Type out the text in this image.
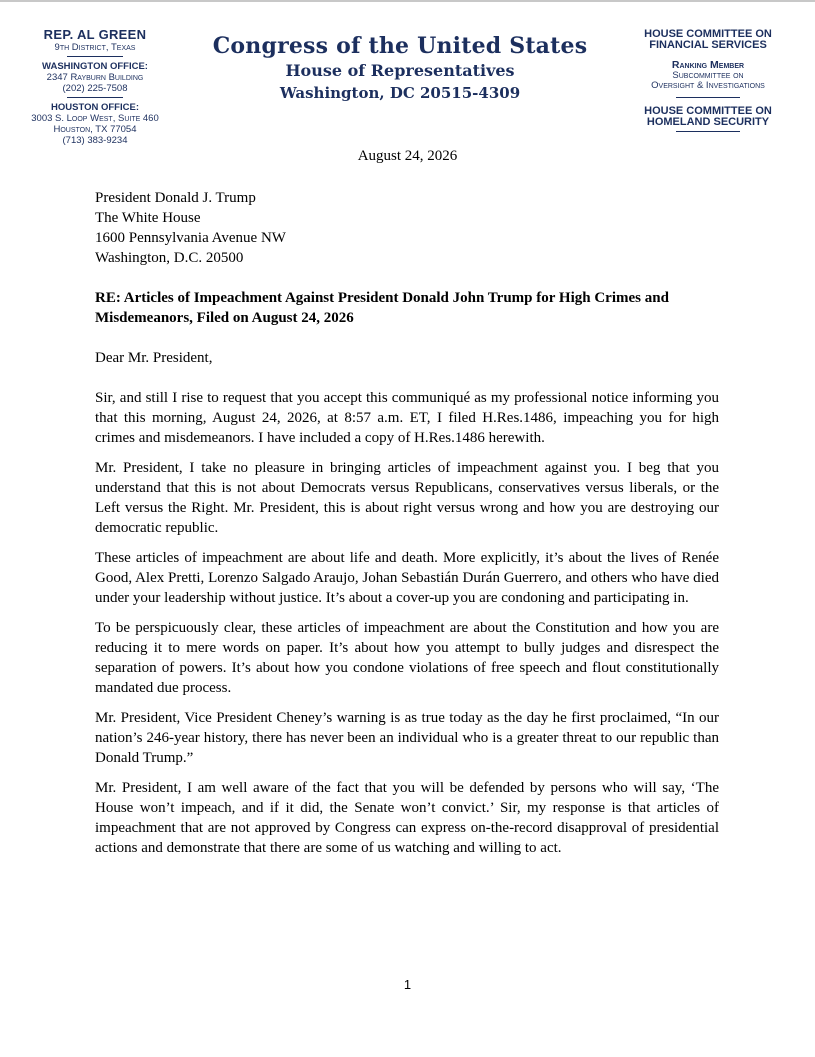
REP. AL GREEN
9th District, Texas
WASHINGTON OFFICE:
2347 Rayburn Building
(202) 225-7508
HOUSTON OFFICE:
3003 S. Loop West, Suite 460
Houston, TX 77054
(713) 383-9234
Congress of the United States
House of Representatives
Washington, DC 20515-4309
HOUSE COMMITTEE ON
FINANCIAL SERVICES
Ranking Member
Subcommittee on
Oversight & Investigations
HOUSE COMMITTEE ON
HOMELAND SECURITY
August 24, 2026
President Donald J. Trump
The White House
1600 Pennsylvania Avenue NW
Washington, D.C. 20500
RE: Articles of Impeachment Against President Donald John Trump for High Crimes and Misdemeanors, Filed on August 24, 2026
Dear Mr. President,

Sir, and still I rise to request that you accept this communiqué as my professional notice informing you that this morning, August 24, 2026, at 8:57 a.m. ET, I filed H.Res.1486, impeaching you for high crimes and misdemeanors. I have included a copy of H.Res.1486 herewith.

Mr. President, I take no pleasure in bringing articles of impeachment against you. I beg that you understand that this is not about Democrats versus Republicans, conservatives versus liberals, or the Left versus the Right. Mr. President, this is about right versus wrong and how you are destroying our democratic republic.

These articles of impeachment are about life and death. More explicitly, it’s about the lives of Renée Good, Alex Pretti, Lorenzo Salgado Araujo, Johan Sebastián Durán Guerrero, and others who have died under your leadership without justice. It’s about a cover-up you are condoning and participating in.

To be perspicuously clear, these articles of impeachment are about the Constitution and how you are reducing it to mere words on paper. It’s about how you attempt to bully judges and disrespect the separation of powers. It’s about how you condone violations of free speech and flout constitutionally mandated due process.

Mr. President, Vice President Cheney’s warning is as true today as the day he first proclaimed, “In our nation’s 246-year history, there has never been an individual who is a greater threat to our republic than Donald Trump.”

Mr. President, I am well aware of the fact that you will be defended by persons who will say, ‘The House won’t impeach, and if it did, the Senate won’t convict.’ Sir, my response is that articles of impeachment that are not approved by Congress can express on-the-record disapproval of presidential actions and demonstrate that there are some of us watching and willing to act.

1
